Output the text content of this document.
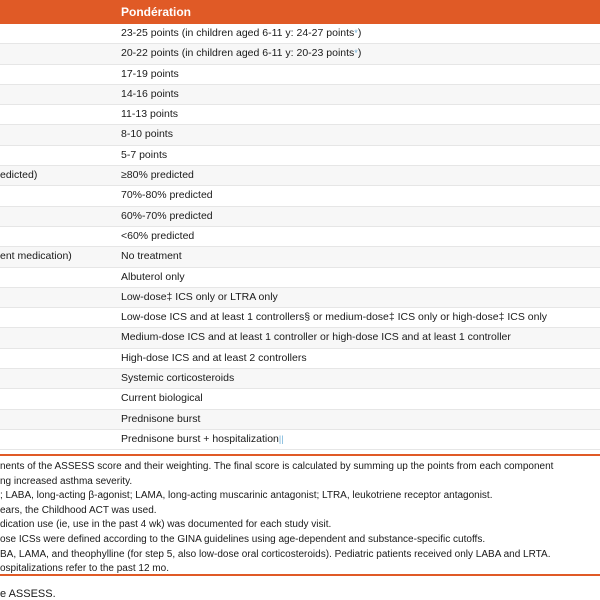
Pondération
23-25 points (in children aged 6-11 y: 24-27 points*)
20-22 points (in children aged 6-11 y: 20-23 points*)
17-19 points
14-16 points
11-13 points
8-10 points
5-7 points
edicted)	≥80% predicted
70%-80% predicted
60%-70% predicted
<60% predicted
ent medication)	No treatment
Albuterol only
Low-dose‡ ICS only or LTRA only
Low-dose ICS and at least 1 controllers§ or medium-dose‡ ICS only or high-dose‡ ICS only
Medium-dose ICS and at least 1 controller or high-dose ICS and at least 1 controller
High-dose ICS and at least 2 controllers
Systemic corticosteroids
Current biological
Prednisone burst
Prednisone burst + hospitalization||
nents of the ASSESS score and their weighting. The final score is calculated by summing up the points from each component
ng increased asthma severity.
; LABA, long-acting β-agonist; LAMA, long-acting muscarinic antagonist; LTRA, leukotriene receptor antagonist.
ears, the Childhood ACT was used.
dication use (ie, use in the past 4 wk) was documented for each study visit.
ose ICSs were defined according to the GINA guidelines using age-dependent and substance-specific cutoffs.
BA, LAMA, and theophylline (for step 5, also low-dose oral corticosteroids). Pediatric patients received only LABA and LRTA.
ospitalizations refer to the past 12 mo.
e ASSESS.
